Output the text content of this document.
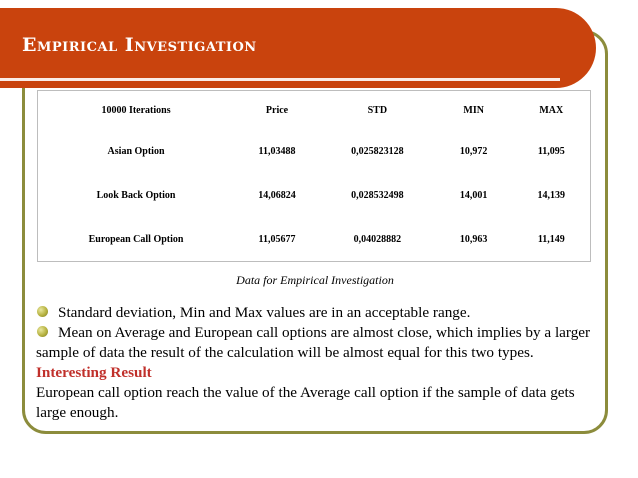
Empirical Investigation
10000 Iterations	Price	STD	MIN	MAX
Asian Option	11,03488	0,025823128	10,972	11,095
Look Back Option	14,06824	0,028532498	14,001	14,139
European Call Option	11,05677	0,04028882	10,963	11,149
Data for Empirical Investigation
Standard deviation, Min and Max values are in an acceptable range.
Mean on Average and European call options are almost close, which implies by a larger sample of data the result of the calculation will be almost equal for this two types.
Interesting Result
European call option reach the value of the Average call option if the sample of data gets large enough.
